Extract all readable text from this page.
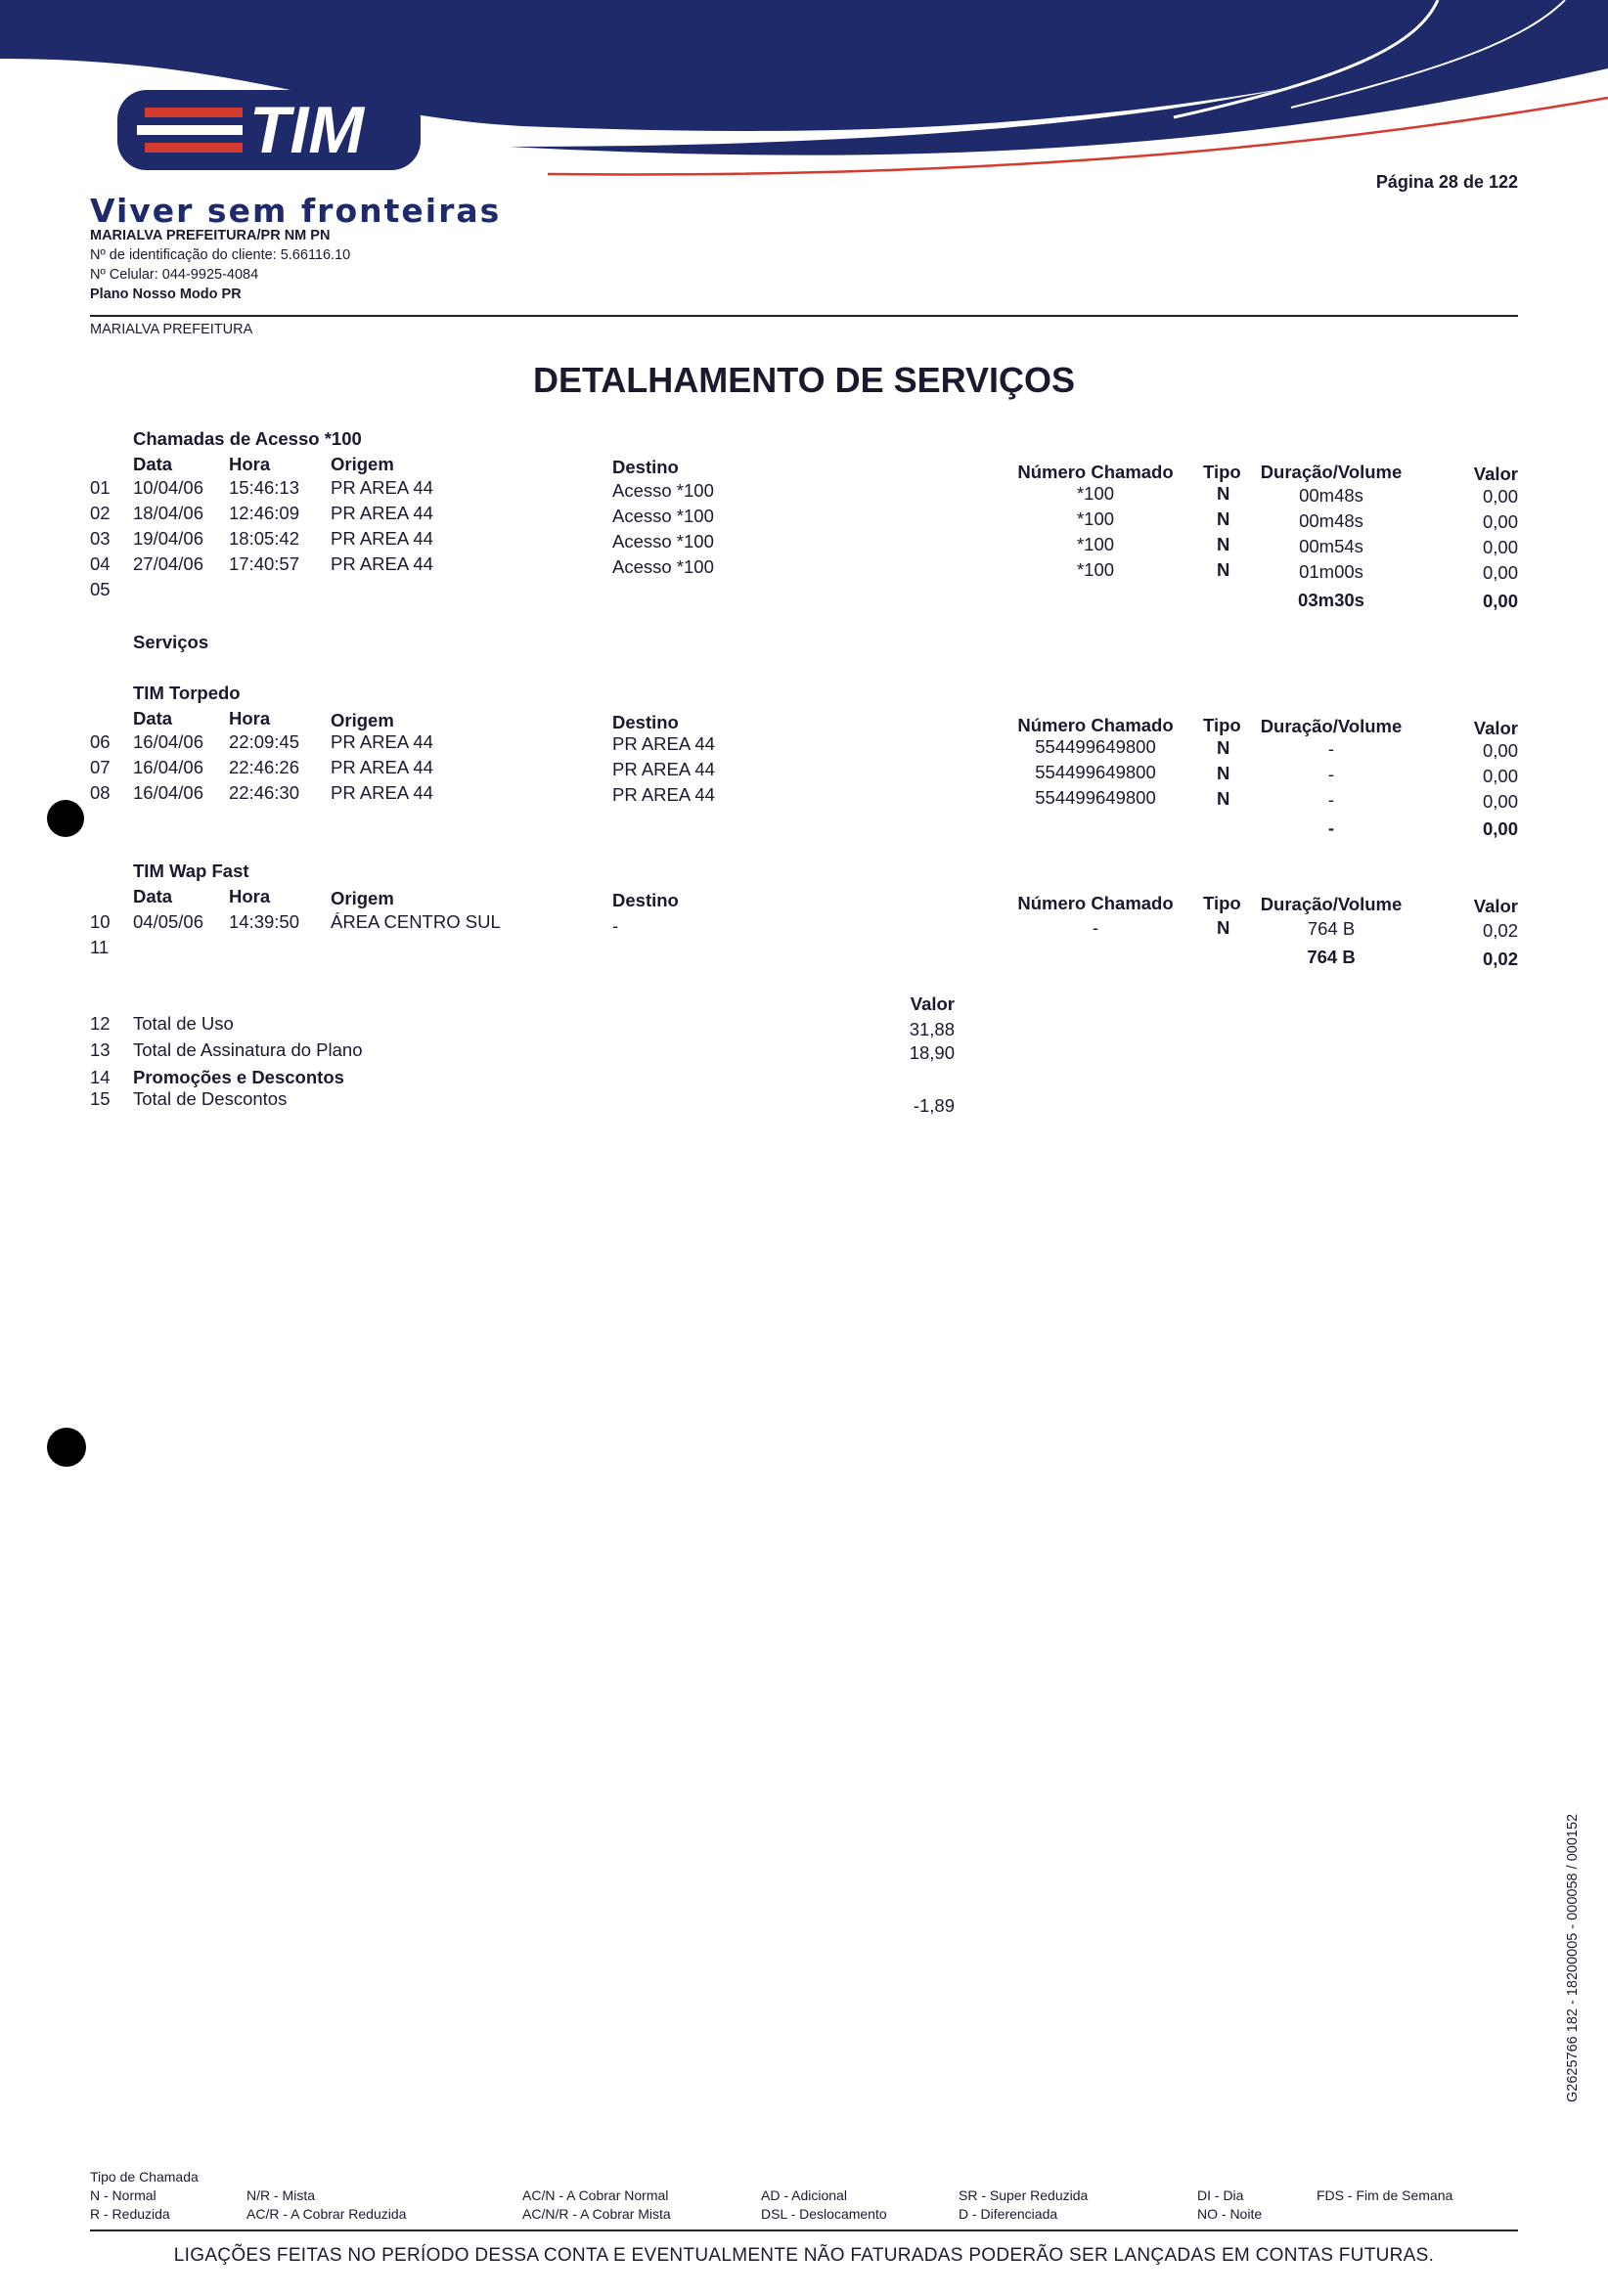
TIM
Viver sem fronteiras
MARIALVA PREFEITURA/PR NM PN
Nº de identificação do cliente: 5.66116.10
Nº Celular: 044-9925-4084
Plano Nosso Modo PR
MARIALVA PREFEITURA
Página 28 de 122
DETALHAMENTO DE SERVIÇOS
Chamadas de Acesso *100
Data	Hora	Origem	Destino	Número Chamado	Tipo	Duração/Volume	Valor
01 10/04/06 15:46:13 PR AREA 44	Acesso *100	*100	N	00m48s	0,00
02 18/04/06 12:46:09 PR AREA 44	Acesso *100	*100	N	00m48s	0,00
03 19/04/06 18:05:42 PR AREA 44	Acesso *100	*100	N	00m54s	0,00
04 27/04/06 17:40:57 PR AREA 44	Acesso *100	*100	N	01m00s	0,00
05
03m30s	0,00
Serviços
TIM Torpedo
Data	Hora	Origem	Destino	Número Chamado	Tipo	Duração/Volume	Valor
06 16/04/06 22:09:45 PR AREA 44	PR AREA 44	554499649800	N	-	0,00
07 16/04/06 22:46:26 PR AREA 44	PR AREA 44	554499649800	N	-	0,00
08 16/04/06 22:46:30 PR AREA 44	PR AREA 44	554499649800	N	-	0,00
-	0,00
TIM Wap Fast
Data	Hora	Origem	Destino	Número Chamado	Tipo	Duração/Volume	Valor
10 04/05/06 14:39:50 ÁREA CENTRO SUL	-	-	N	764 B	0,02
11	764 B	0,02
Valor
12 Total de Uso	31,88
13 Total de Assinatura do Plano	18,90
14 Promoções e Descontos
15 Total de Descontos	-1,89
Tipo de Chamada
N - Normal
R - Reduzida
N/R - Mista
AC/R - A Cobrar Reduzida
AC/N - A Cobrar Normal
AC/N/R - A Cobrar Mista
AD - Adicional
DSL - Deslocamento
SR - Super Reduzida
D - Diferenciada
DI - Dia
NO - Noite
FDS - Fim de Semana
LIGAÇÕES FEITAS NO PERÍODO DESSA CONTA E EVENTUALMENTE NÃO FATURADAS PODERÃO SER LANÇADAS EM CONTAS FUTURAS.
G2625766 182 - 18200005 - 000058 / 000152
